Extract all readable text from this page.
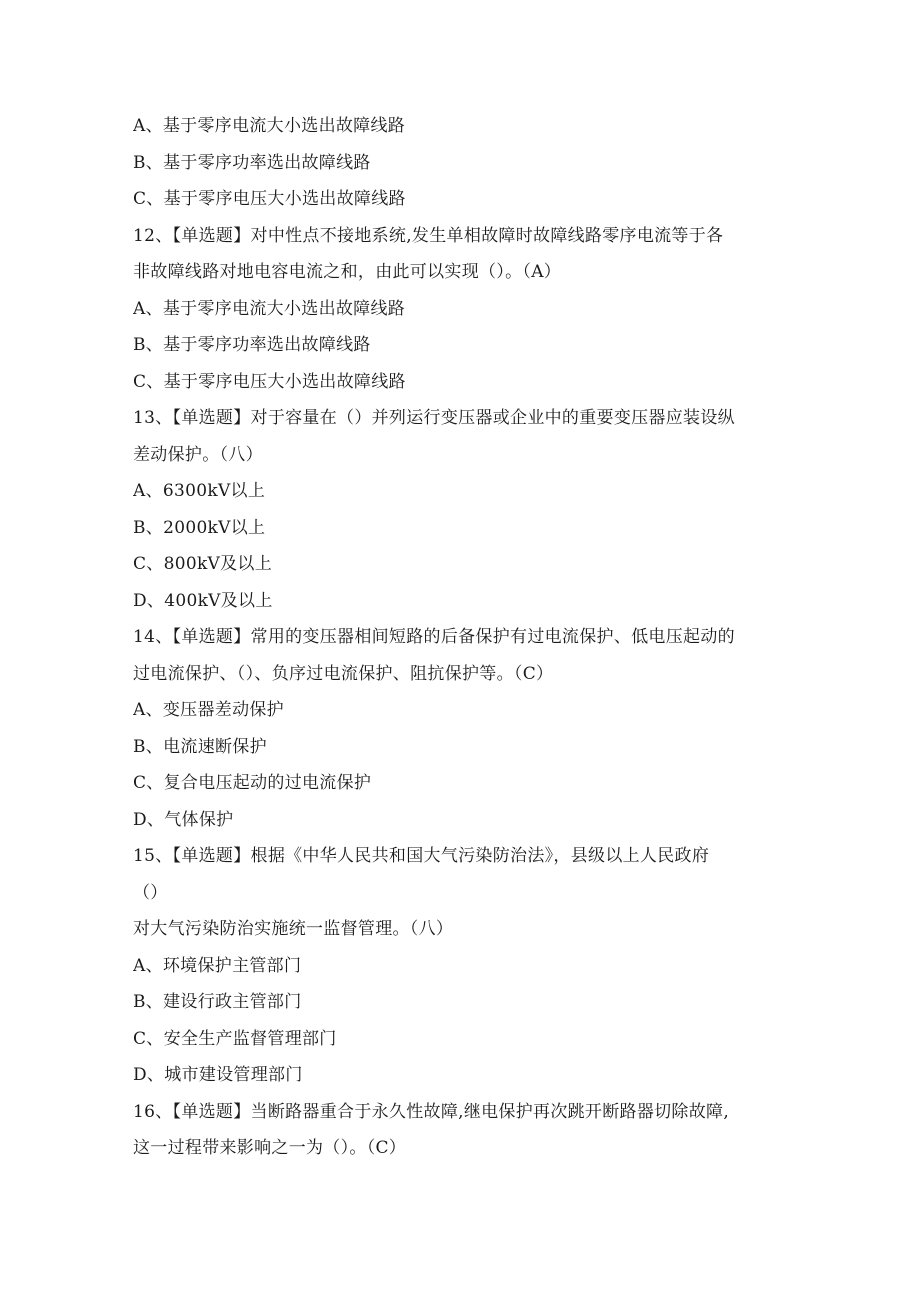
A、基于零序电流大小选出故障线路
B、基于零序功率选出故障线路
C、基于零序电压大小选出故障线路
12、【单选题】对中性点不接地系统,发生单相故障时故障线路零序电流等于各
非故障线路对地电容电流之和，由此可以实现（）。（A）
A、基于零序电流大小选出故障线路
B、基于零序功率选出故障线路
C、基于零序电压大小选出故障线路
13、【单选题】对于容量在（）并列运行变压器或企业中的重要变压器应装设纵
差动保护。（八）
A、6300kV以上
B、2000kV以上
C、800kV及以上
D、400kV及以上
14、【单选题】常用的变压器相间短路的后备保护有过电流保护、低电压起动的
过电流保护、（）、负序过电流保护、阻抗保护等。（C）
A、变压器差动保护
B、电流速断保护
C、复合电压起动的过电流保护
D、气体保护
15、【单选题】根据《中华人民共和国大气污染防治法》，县级以上人民政府
（）
对大气污染防治实施统一监督管理。（八）
A、环境保护主管部门
B、建设行政主管部门
C、安全生产监督管理部门
D、城市建设管理部门
16、【单选题】当断路器重合于永久性故障,继电保护再次跳开断路器切除故障,
这一过程带来影响之一为（）。（C）
